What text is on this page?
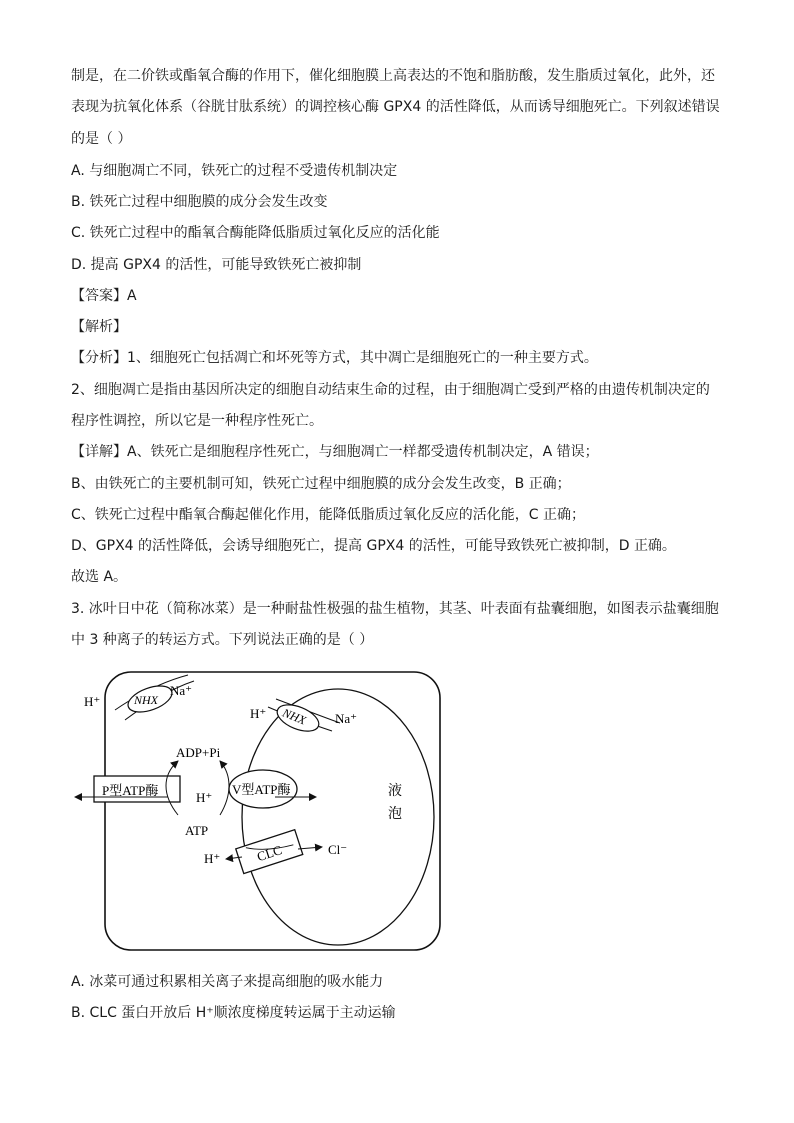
制是，在二价铁或酯氧合酶的作用下，催化细胞膜上高表达的不饱和脂肪酸，发生脂质过氧化，此外，还
表现为抗氧化体系（谷胱甘肽系统）的调控核心酶 GPX4 的活性降低，从而诱导细胞死亡。下列叙述错误
的是（ ）
A. 与细胞凋亡不同，铁死亡的过程不受遗传机制决定
B. 铁死亡过程中细胞膜的成分会发生改变
C. 铁死亡过程中的酯氧合酶能降低脂质过氧化反应的活化能
D. 提高 GPX4 的活性，可能导致铁死亡被抑制
【答案】A
【解析】
【分析】1、细胞死亡包括凋亡和坏死等方式，其中凋亡是细胞死亡的一种主要方式。
2、细胞凋亡是指由基因所决定的细胞自动结束生命的过程，由于细胞凋亡受到严格的由遗传机制决定的
程序性调控，所以它是一种程序性死亡。
【详解】A、铁死亡是细胞程序性死亡，与细胞凋亡一样都受遗传机制决定，A 错误；
B、由铁死亡的主要机制可知，铁死亡过程中细胞膜的成分会发生改变，B 正确；
C、铁死亡过程中酯氧合酶起催化作用，能降低脂质过氧化反应的活化能，C 正确；
D、GPX4 的活性降低，会诱导细胞死亡，提高 GPX4 的活性，可能导致铁死亡被抑制，D 正确。
故选 A。
3. 冰叶日中花（简称冰菜）是一种耐盐性极强的盐生植物，其茎、叶表面有盐囊细胞，如图表示盐囊细胞
中 3 种离子的转运方式。下列说法正确的是（ ）
NHX
H⁺
Na⁺
NHX
H⁺	Na⁺
P型ATP酶	H⁺
V型ATP酶
ADP+Pi
ATP
CLC
H⁺
Cl⁻
液
泡
A. 冰菜可通过积累相关离子来提高细胞的吸水能力
B. CLC 蛋白开放后 H⁺顺浓度梯度转运属于主动运输
